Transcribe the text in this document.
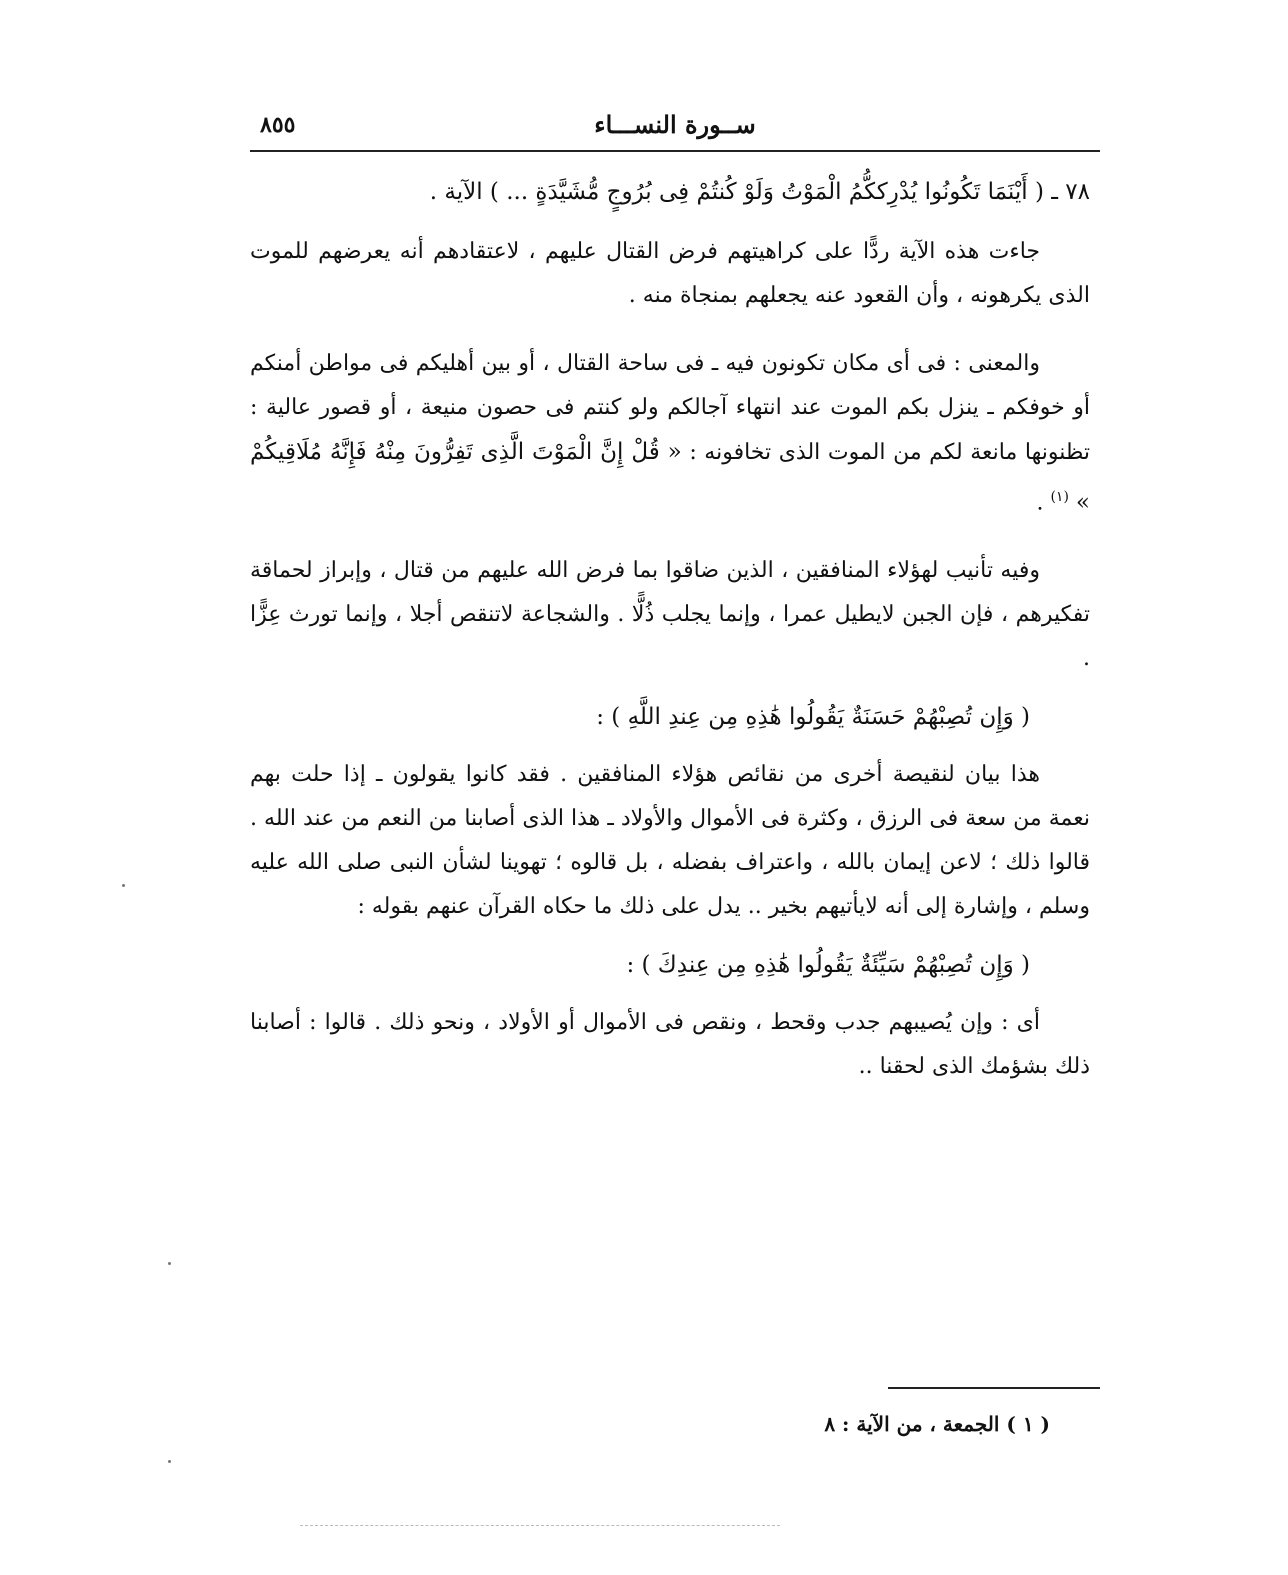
ســورة النســـاء
٨٥٥

٧٨ ـ ( أَيْنَمَا تَكُونُوا يُدْرِككُّمُ الْمَوْتُ وَلَوْ كُنتُمْ فِى بُرُوجٍ مُّشَيَّدَةٍ ... ) الآية .

جاءت هذه الآية ردًّا على كراهيتهم فرض القتال عليهم ، لاعتقادهم أنه يعرضهم للموت الذى يكرهونه ، وأن القعود عنه يجعلهم بمنجاة منه .

والمعنى : فى أى مكان تكونون فيه ـ فى ساحة القتال ، أو بين أهليكم فى مواطن أمنكم أو خوفكم ـ ينزل بكم الموت عند انتهاء آجالكم ولو كنتم فى حصون منيعة ، أو قصور عالية : تظنونها مانعة لكم من الموت الذى تخافونه : « قُلْ إِنَّ الْمَوْتَ الَّذِى تَفِرُّونَ مِنْهُ فَإِنَّهُ مُلَاقِيكُمْ » $^{(١)}$ .

وفيه تأنيب لهؤلاء المنافقين ، الذين ضاقوا بما فرض الله عليهم من قتال ، وإبراز لحماقة تفكيرهم ، فإن الجبن لايطيل عمرا ، وإنما يجلب ذُلًّا . والشجاعة لاتنقص أجلا ، وإنما تورث عِزًّا .

( وَإِن تُصِبْهُمْ حَسَنَةٌ يَقُولُوا هَٰذِهِ مِن عِندِ اللَّهِ ) :

هذا بيان لنقيصة أخرى من نقائص هؤلاء المنافقين . فقد كانوا يقولون ـ إذا حلت بهم نعمة من سعة فى الرزق ، وكثرة فى الأموال والأولاد ـ هذا الذى أصابنا من النعم من عند الله . قالوا ذلك ؛ لاعن إيمان بالله ، واعتراف بفضله ، بل قالوه ؛ تهوينا لشأن النبى صلى الله عليه وسلم ، وإشارة إلى أنه لايأتيهم بخير .. يدل على ذلك ما حكاه القرآن عنهم بقوله :

( وَإِن تُصِبْهُمْ سَيِّئَةٌ يَقُولُوا هَٰذِهِ مِن عِندِكَ ) :

أى : وإن يُصيبهم جدب وقحط ، ونقص فى الأموال أو الأولاد ، ونحو ذلك . قالوا : أصابنا ذلك بشؤمك الذى لحقنا ..

( ١ ) الجمعة ، من الآية : ٨
